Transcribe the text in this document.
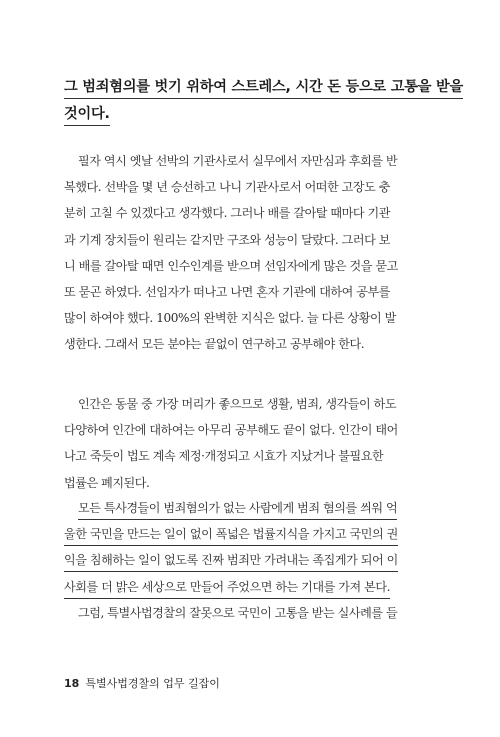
그 범죄혐의를 벗기 위하여 스트레스, 시간 돈 등으로 고통을 받을
것이다.
필자 역시 옛날 선박의 기관사로서 실무에서 자만심과 후회를 반
복했다. 선박을 몇 년 승선하고 나니 기관사로서 어떠한 고장도 충
분히 고칠 수 있겠다고 생각했다. 그러나 배를 갈아탈 때마다 기관
과 기계 장치들이 원리는 같지만 구조와 성능이 달랐다. 그러다 보
니 배를 갈아탈 때면 인수인계를 받으며 선임자에게 많은 것을 묻고
또 묻곤 하였다. 선임자가 떠나고 나면 혼자 기관에 대하여 공부를
많이 하여야 했다. 100%의 완벽한 지식은 없다. 늘 다른 상황이 발
생한다. 그래서 모든 분야는 끝없이 연구하고 공부해야 한다.
인간은 동물 중 가장 머리가 좋으므로 생활, 범죄, 생각들이 하도
다양하여 인간에 대하여는 아무리 공부해도 끝이 없다. 인간이 태어
나고 죽듯이 법도 계속 제정·개정되고 시효가 지났거나 불필요한
법률은 폐지된다.
모든 특사경들이 범죄혐의가 없는 사람에게 범죄 혐의를 씌워 억
울한 국민을 만드는 일이 없이 폭넓은 법률지식을 가지고 국민의 권
익을 침해하는 일이 없도록 진짜 범죄만 가려내는 족집게가 되어 이
사회를 더 밝은 세상으로 만들어 주었으면 하는 기대를 가져 본다.
그럼, 특별사법경찰의 잘못으로 국민이 고통을 받는 실사례를 들
18 특별사법경찰의 업무 길잡이
